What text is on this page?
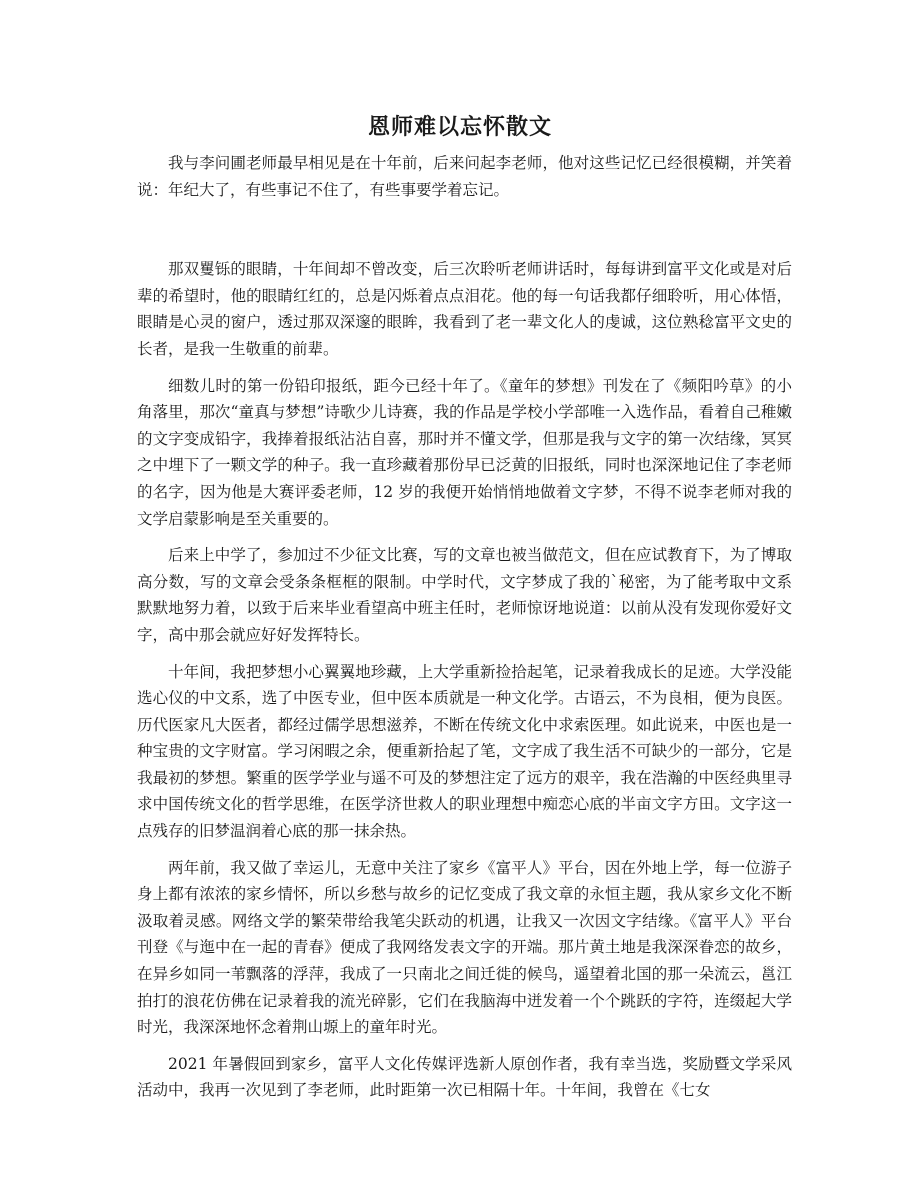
恩师难以忘怀散文

我与李问圃老师最早相见是在十年前，后来问起李老师，他对这些记忆已经很模糊，并笑着说：年纪大了，有些事记不住了，有些事要学着忘记。

那双矍铄的眼睛，十年间却不曾改变，后三次聆听老师讲话时，每每讲到富平文化或是对后辈的希望时，他的眼睛红红的，总是闪烁着点点泪花。他的每一句话我都仔细聆听，用心体悟，眼睛是心灵的窗户，透过那双深邃的眼眸，我看到了老一辈文化人的虔诚，这位熟稔富平文史的长者，是我一生敬重的前辈。

细数儿时的第一份铅印报纸，距今已经十年了。《童年的梦想》刊发在了《频阳吟草》的小角落里，那次“童真与梦想”诗歌少儿诗赛，我的作品是学校小学部唯一入选作品，看着自己稚嫩的文字变成铅字，我捧着报纸沾沾自喜，那时并不懂文学，但那是我与文字的第一次结缘，冥冥之中埋下了一颗文学的种子。我一直珍藏着那份早已泛黄的旧报纸，同时也深深地记住了李老师的名字，因为他是大赛评委老师，12 岁的我便开始悄悄地做着文字梦，不得不说李老师对我的文学启蒙影响是至关重要的。

后来上中学了，参加过不少征文比赛，写的文章也被当做范文，但在应试教育下，为了博取高分数，写的文章会受条条框框的限制。中学时代，文字梦成了我的`秘密，为了能考取中文系默默地努力着，以致于后来毕业看望高中班主任时，老师惊讶地说道：以前从没有发现你爱好文字，高中那会就应好好发挥特长。

十年间，我把梦想小心翼翼地珍藏，上大学重新捡拾起笔，记录着我成长的足迹。大学没能选心仪的中文系，选了中医专业，但中医本质就是一种文化学。古语云，不为良相，便为良医。历代医家凡大医者，都经过儒学思想滋养，不断在传统文化中求索医理。如此说来，中医也是一种宝贵的文字财富。学习闲暇之余，便重新拾起了笔，文字成了我生活不可缺少的一部分，它是我最初的梦想。繁重的医学学业与遥不可及的梦想注定了远方的艰辛，我在浩瀚的中医经典里寻求中国传统文化的哲学思维，在医学济世救人的职业理想中痴恋心底的半亩文字方田。文字这一点残存的旧梦温润着心底的那一抹余热。

两年前，我又做了幸运儿，无意中关注了家乡《富平人》平台，因在外地上学，每一位游子身上都有浓浓的家乡情怀，所以乡愁与故乡的记忆变成了我文章的永恒主题，我从家乡文化不断汲取着灵感。网络文学的繁荣带给我笔尖跃动的机遇，让我又一次因文字结缘。《富平人》平台刊登《与迤中在一起的青春》便成了我网络发表文字的开端。那片黄土地是我深深眷恋的故乡，在异乡如同一苇飘落的浮萍，我成了一只南北之间迁徙的候鸟，遥望着北国的那一朵流云，邕江拍打的浪花仿佛在记录着我的流光碎影，它们在我脑海中迸发着一个个跳跃的字符，连缀起大学时光，我深深地怀念着荆山塬上的童年时光。

2021 年暑假回到家乡，富平人文化传媒评选新人原创作者，我有幸当选，奖励暨文学采风活动中，我再一次见到了李老师，此时距第一次已相隔十年。十年间，我曾在《七女
